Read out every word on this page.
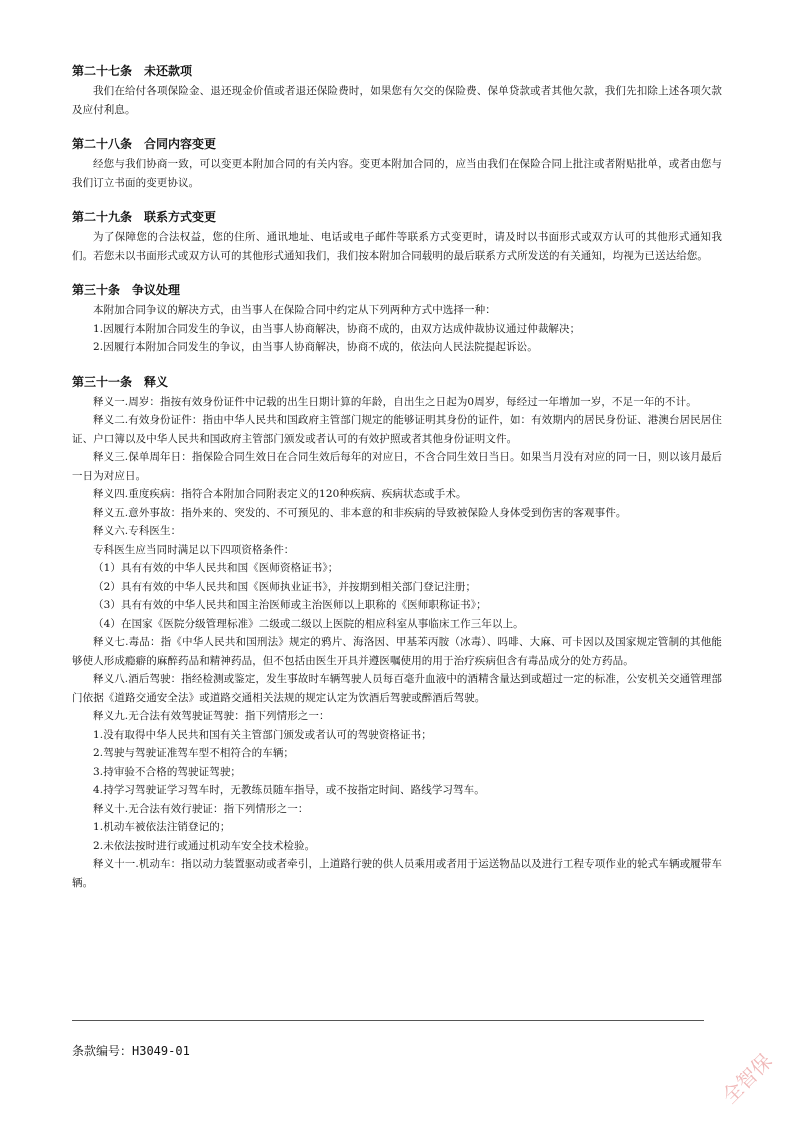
第二十七条　未还款项

我们在给付各项保险金、退还现金价值或者退还保险费时，如果您有欠交的保险费、保单贷款或者其他欠款，我们先扣除上述各项欠款及应付利息。

第二十八条　合同内容变更

经您与我们协商一致，可以变更本附加合同的有关内容。变更本附加合同的，应当由我们在保险合同上批注或者附贴批单，或者由您与我们订立书面的变更协议。

第二十九条　联系方式变更

为了保障您的合法权益，您的住所、通讯地址、电话或电子邮件等联系方式变更时，请及时以书面形式或双方认可的其他形式通知我们。若您未以书面形式或双方认可的其他形式通知我们，我们按本附加合同载明的最后联系方式所发送的有关通知，均视为已送达给您。

第三十条　争议处理

本附加合同争议的解决方式，由当事人在保险合同中约定从下列两种方式中选择一种：

1.因履行本附加合同发生的争议，由当事人协商解决，协商不成的，由双方达成仲裁协议通过仲裁解决；

2.因履行本附加合同发生的争议，由当事人协商解决，协商不成的，依法向人民法院提起诉讼。

第三十一条　释义

释义一.周岁：指按有效身份证件中记载的出生日期计算的年龄，自出生之日起为0周岁，每经过一年增加一岁，不足一年的不计。

释义二.有效身份证件：指由中华人民共和国政府主管部门规定的能够证明其身份的证件，如：有效期内的居民身份证、港澳台居民居住证、户口簿以及中华人民共和国政府主管部门颁发或者认可的有效护照或者其他身份证明文件。

释义三.保单周年日：指保险合同生效日在合同生效后每年的对应日，不含合同生效日当日。如果当月没有对应的同一日，则以该月最后一日为对应日。

释义四.重度疾病：指符合本附加合同附表定义的120种疾病、疾病状态或手术。

释义五.意外事故：指外来的、突发的、不可预见的、非本意的和非疾病的导致被保险人身体受到伤害的客观事件。

释义六.专科医生：

专科医生应当同时满足以下四项资格条件：

（1）具有有效的中华人民共和国《医师资格证书》；

（2）具有有效的中华人民共和国《医师执业证书》，并按期到相关部门登记注册；

（3）具有有效的中华人民共和国主治医师或主治医师以上职称的《医师职称证书》；

（4）在国家《医院分级管理标准》二级或二级以上医院的相应科室从事临床工作三年以上。

释义七.毒品：指《中华人民共和国刑法》规定的鸦片、海洛因、甲基苯丙胺（冰毒）、吗啡、大麻、可卡因以及国家规定管制的其他能够使人形成瘾癖的麻醉药品和精神药品，但不包括由医生开具并遵医嘱使用的用于治疗疾病但含有毒品成分的处方药品。

释义八.酒后驾驶：指经检测或鉴定，发生事故时车辆驾驶人员每百毫升血液中的酒精含量达到或超过一定的标准，公安机关交通管理部门依据《道路交通安全法》或道路交通相关法规的规定认定为饮酒后驾驶或醉酒后驾驶。

释义九.无合法有效驾驶证驾驶：指下列情形之一：

1.没有取得中华人民共和国有关主管部门颁发或者认可的驾驶资格证书；

2.驾驶与驾驶证准驾车型不相符合的车辆；

3.持审验不合格的驾驶证驾驶；

4.持学习驾驶证学习驾车时，无教练员随车指导，或不按指定时间、路线学习驾车。

释义十.无合法有效行驶证：指下列情形之一：

1.机动车被依法注销登记的；

2.未依法按时进行或通过机动车安全技术检验。

释义十一.机动车：指以动力装置驱动或者牵引，上道路行驶的供人员乘用或者用于运送物品以及进行工程专项作业的轮式车辆或履带车辆。

条款编号：H3049-01	全智保
